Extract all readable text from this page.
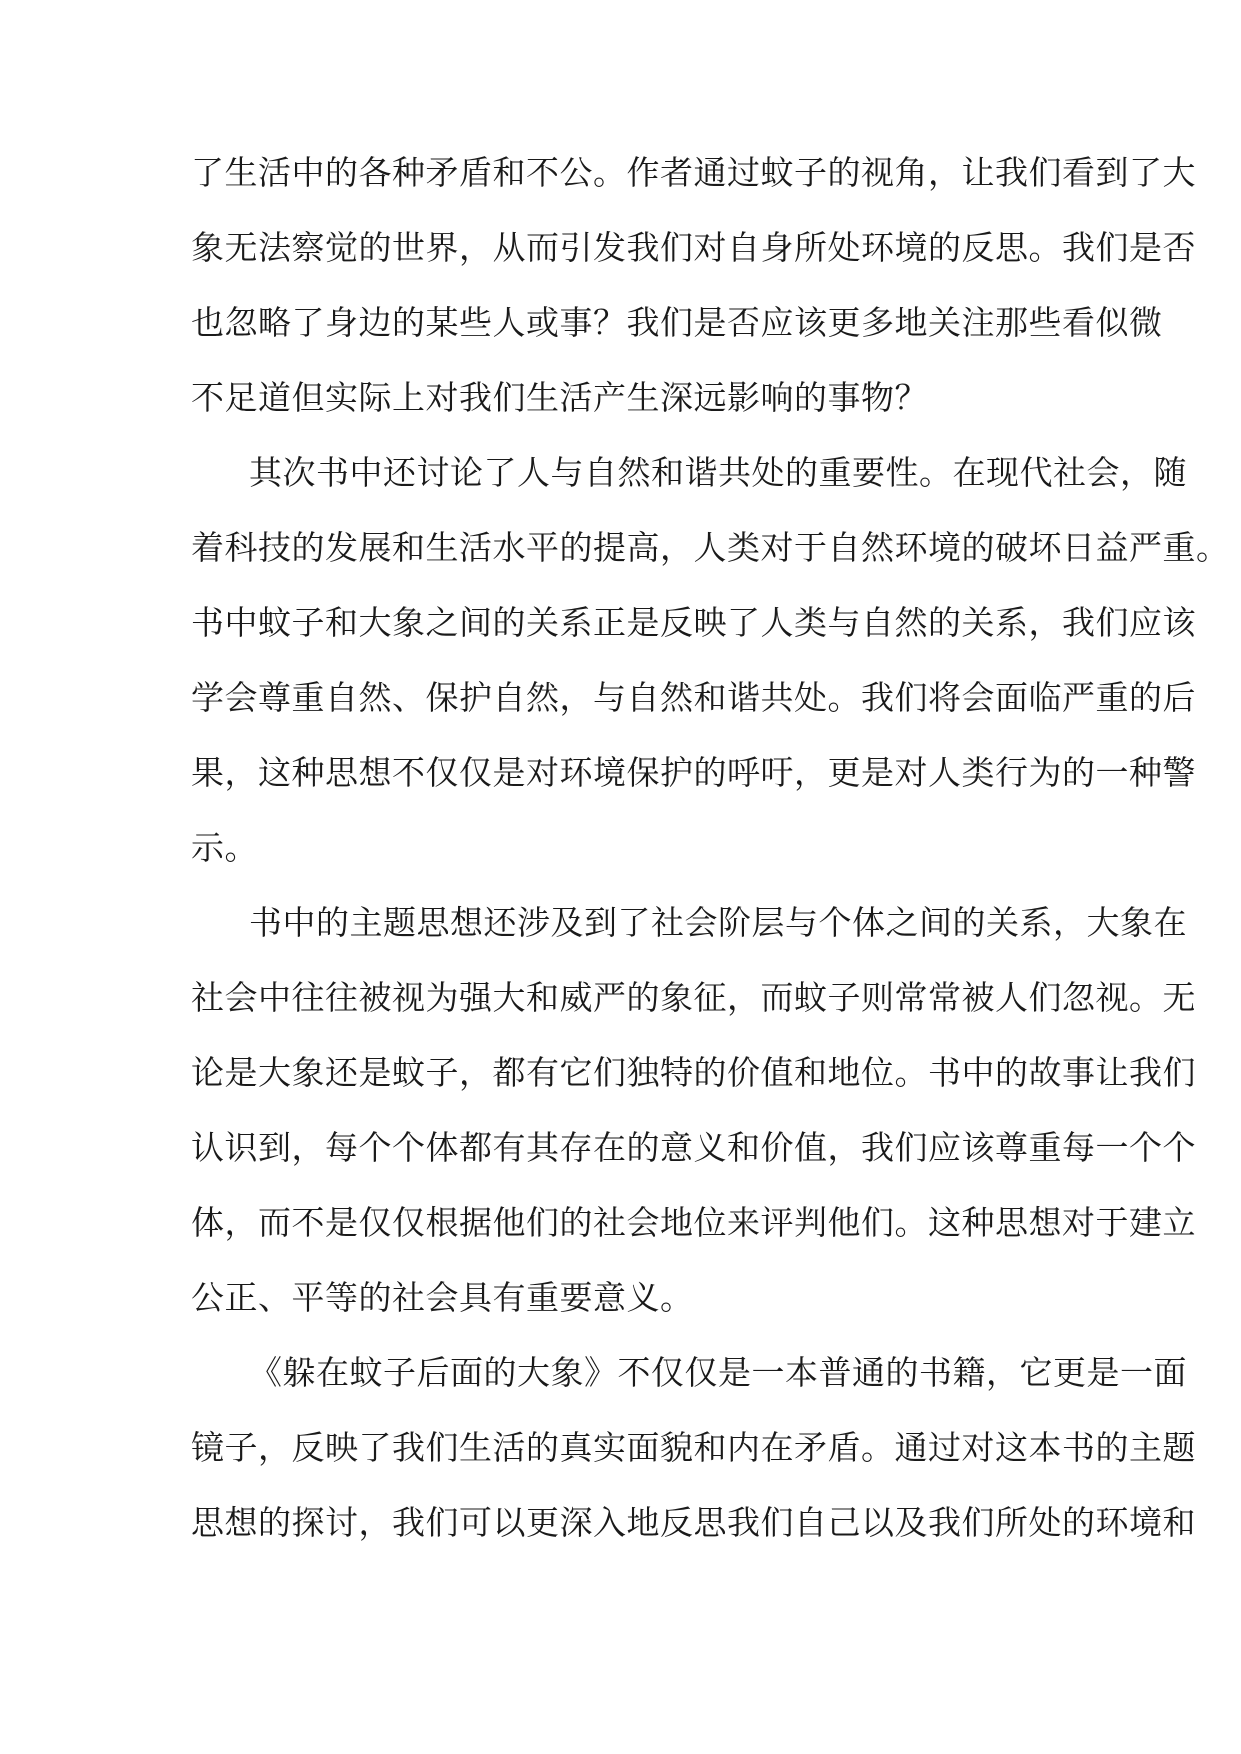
了生活中的各种矛盾和不公。作者通过蚊子的视角，让我们看到了大
象无法察觉的世界，从而引发我们对自身所处环境的反思。我们是否
也忽略了身边的某些人或事？我们是否应该更多地关注那些看似微
不足道但实际上对我们生活产生深远影响的事物？
其次书中还讨论了人与自然和谐共处的重要性。在现代社会，随
着科技的发展和生活水平的提高，人类对于自然环境的破坏日益严重。
书中蚊子和大象之间的关系正是反映了人类与自然的关系，我们应该
学会尊重自然、保护自然，与自然和谐共处。我们将会面临严重的后
果，这种思想不仅仅是对环境保护的呼吁，更是对人类行为的一种警
示。
书中的主题思想还涉及到了社会阶层与个体之间的关系，大象在
社会中往往被视为强大和威严的象征，而蚊子则常常被人们忽视。无
论是大象还是蚊子，都有它们独特的价值和地位。书中的故事让我们
认识到，每个个体都有其存在的意义和价值，我们应该尊重每一个个
体，而不是仅仅根据他们的社会地位来评判他们。这种思想对于建立
公正、平等的社会具有重要意义。
《躲在蚊子后面的大象》不仅仅是一本普通的书籍，它更是一面
镜子，反映了我们生活的真实面貌和内在矛盾。通过对这本书的主题
思想的探讨，我们可以更深入地反思我们自己以及我们所处的环境和
